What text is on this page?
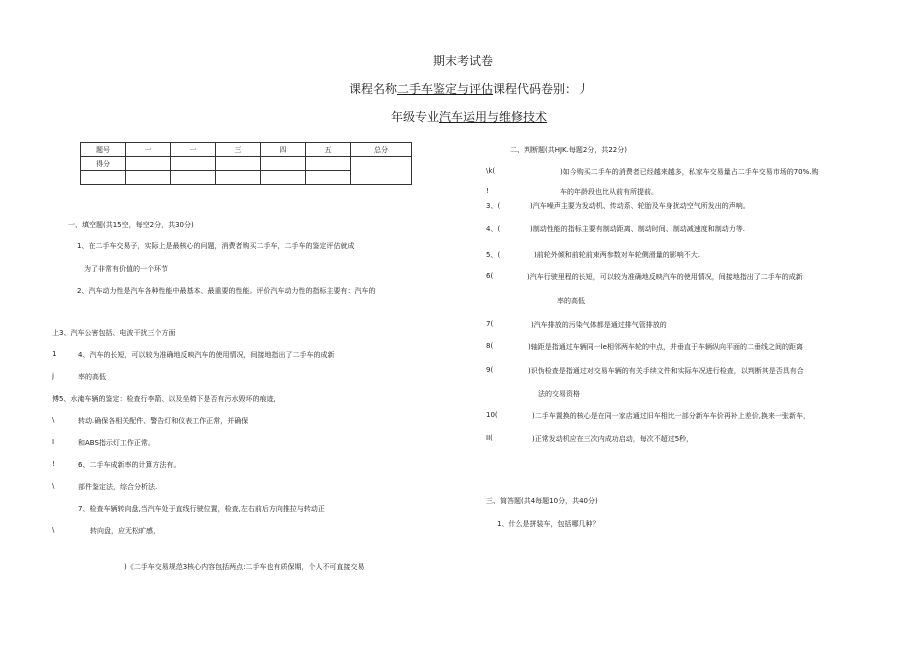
期末考试卷
课程名称二手车鉴定与评估课程代码卷别：丿
年级专业汽车运用与维修技术
题号	一	一	三	四	五	总分
得分						

一、填空题(共15空，每空2分，共30分)
1、在二手车交易子，实际上是最核心的问题，消费者购买二手车，二手车的鉴定评估就成
为了非常有价值的一个环节
2、汽车动力性是汽车各种性能中最基本、最重要的性能。评价汽车动力性的指标主要有：汽车的
上3、汽车公害包括、电波干扰三个方面
1	4、汽车的长短，可以较为准确地反映汽车的使用情况，间接地指出了二手车的成新
j	率的高低
傅5、水淹车辆的鉴定：检查行李箭、以及坐椅下是否有污水毁坏的痕迹，
\	转动.确保各相关配件、警告灯和仪表工作正常，并确保
I	和ABS指示灯工作正常。
!	6、二手车成新率的计算方法有。
\	部件鉴定法，综合分析法.
7、检查车辆转向盘,当汽车处于直线行驶位置，检查,左右前后方向推拉与转动正
\	转向盘，应无松旷感，
)《二手车交易规范3核心内容包括两点:二手车也有质保期，个人不可直接交易
二、判断题(共HJK.每题2分，共22分)
\k(	)如今购买二手车的消费者已经越来越多，私家车交易量占二手车交易市场的70%.购
!	车的年龄段也比从前有所提前。
3、(	)汽车噪声主要为发动机、传动系、轮胎及车身扰动空气所发出的声响。
4、(	)制动性能的指标主要有制动距离、制动时间、制动减速度和制动力等.
5、(	)前轮外倾和前轮前束两参数对车轮侧滑量的影响不大.
6(	)汽车行驶里程的长短，可以较为准确地反映汽车的使用情况，间接地指出了二手车的成新
率的高低
7(	)汽车排放的污染气体都是通过排气管排放的
8(	)轴距是指通过车辆同一le相邻两车轮的中点，并垂直于车辆纵向平面的二垂线之间的距离
9(	)识伪检查是指通过对交易车辆的有关手续文件和实际车况进行检查，以判断其是否具有合
法的交易资格
10(	)二手车置换的核心是在同一家店通过旧车相比一部分新车车价再补上差价,换来一张新车，
II(	)正常发动机应在三次内成功启动，每次不超过5秒，
三、简答题(共4每题10分，共40分)
1、什么是拼装车，包括哪几种？
